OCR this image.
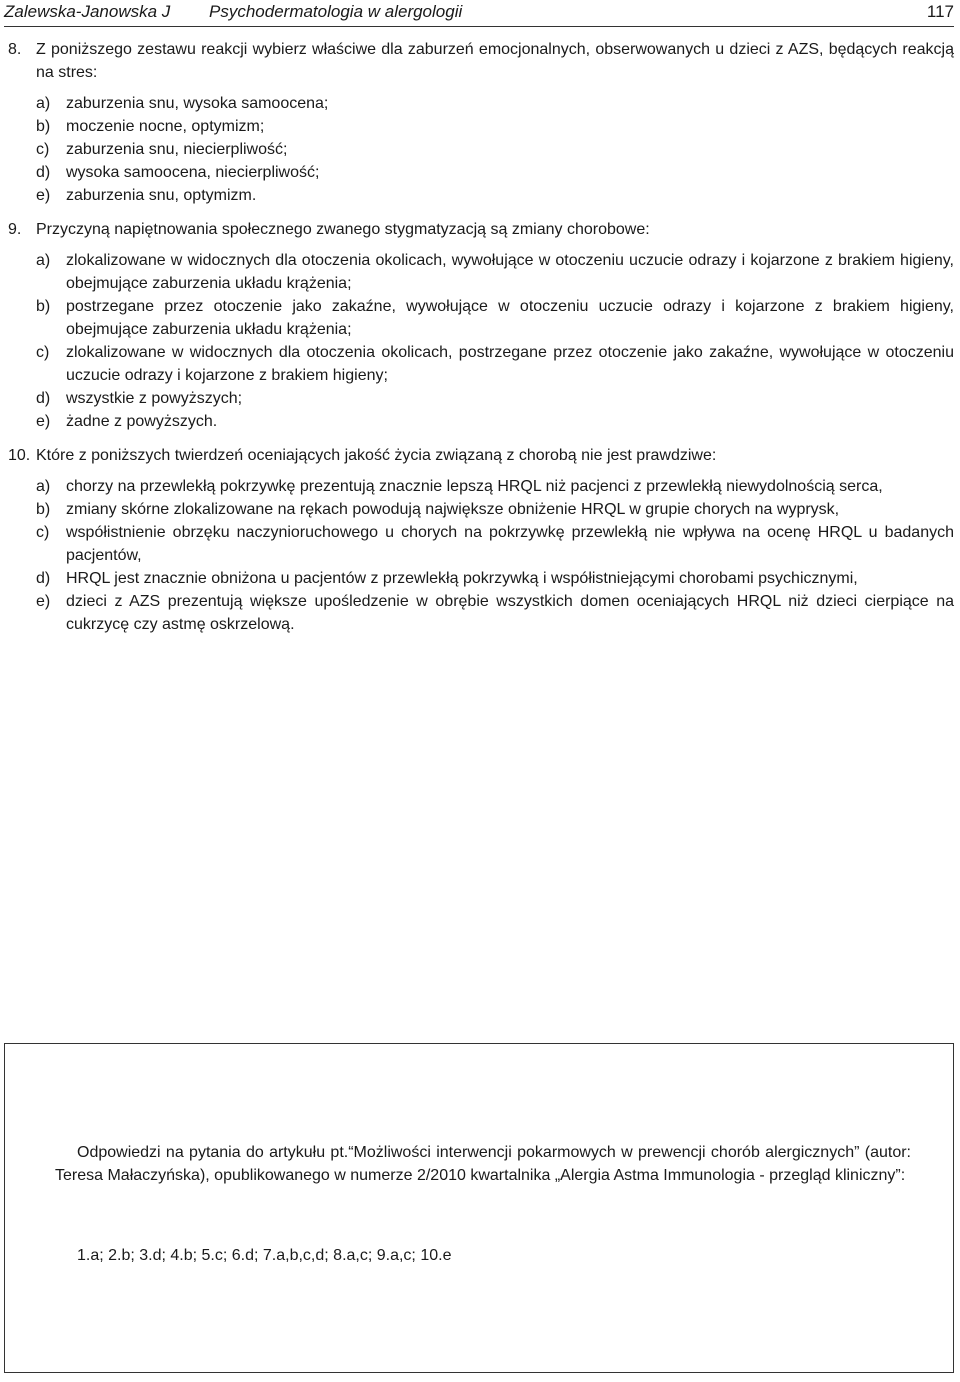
Zalewska-Janowska J Psychodermatologia w alergologii	117
8. Z poniższego zestawu reakcji wybierz właściwe dla zaburzeń emocjonalnych, obserwowanych u dzieci z AZS, będących reakcją na stres:
a) zaburzenia snu, wysoka samoocena;
b) moczenie nocne, optymizm;
c)	zaburzenia snu, niecierpliwość;
d) wysoka samoocena, niecierpliwość;
e) zaburzenia snu, optymizm.
9. Przyczyną napiętnowania społecznego zwanego stygmatyzacją są zmiany chorobowe:
a) zlokalizowane w widocznych dla otoczenia okolicach, wywołujące w otoczeniu uczucie odrazy i kojarzone z brakiem higieny, obejmujące zaburzenia układu krążenia;
b) postrzegane przez otoczenie jako zakaźne, wywołujące w otoczeniu uczucie odrazy i kojarzone z brakiem higieny, obejmujące zaburzenia układu krążenia;
c)	zlokalizowane w widocznych dla otoczenia okolicach, postrzegane przez otoczenie jako zakaźne, wywołujące w otoczeniu uczucie odrazy i kojarzone z brakiem higieny;
d) wszystkie z powyższych;
e) żadne z powyższych.
10. Które z poniższych twierdzeń oceniających jakość życia związaną z chorobą nie jest prawdziwe:
a) chorzy na przewlekłą pokrzywkę prezentują znacznie lepszą HRQL niż pacjenci z przewlekłą niewydolnością serca,
b) zmiany skórne zlokalizowane na rękach powodują największe obniżenie HRQL w grupie chorych na wyprysk,
c)	współistnienie obrzęku naczynioruchowego u chorych na pokrzywkę przewlekłą nie wpływa na ocenę HRQL u badanych pacjentów,
d) HRQL jest znacznie obniżona u pacjentów z przewlekłą pokrzywką i współistniejącymi chorobami psychicznymi,
e) dzieci z AZS prezentują większe upośledzenie w obrębie wszystkich domen oceniających HRQL niż dzieci cierpiące na cukrzycę czy astmę oskrzelową.
Odpowiedzi na pytania do artykułu pt.“Możliwości interwencji pokarmowych w prewencji chorób alergicznych” (autor: Teresa Małaczyńska), opublikowanego w numerze 2/2010 kwartalnika „Alergia Astma Immunologia - przegląd kliniczny”:
1.a; 2.b; 3.d; 4.b; 5.c; 6.d; 7.a,b,c,d; 8.a,c; 9.a,c; 10.e
